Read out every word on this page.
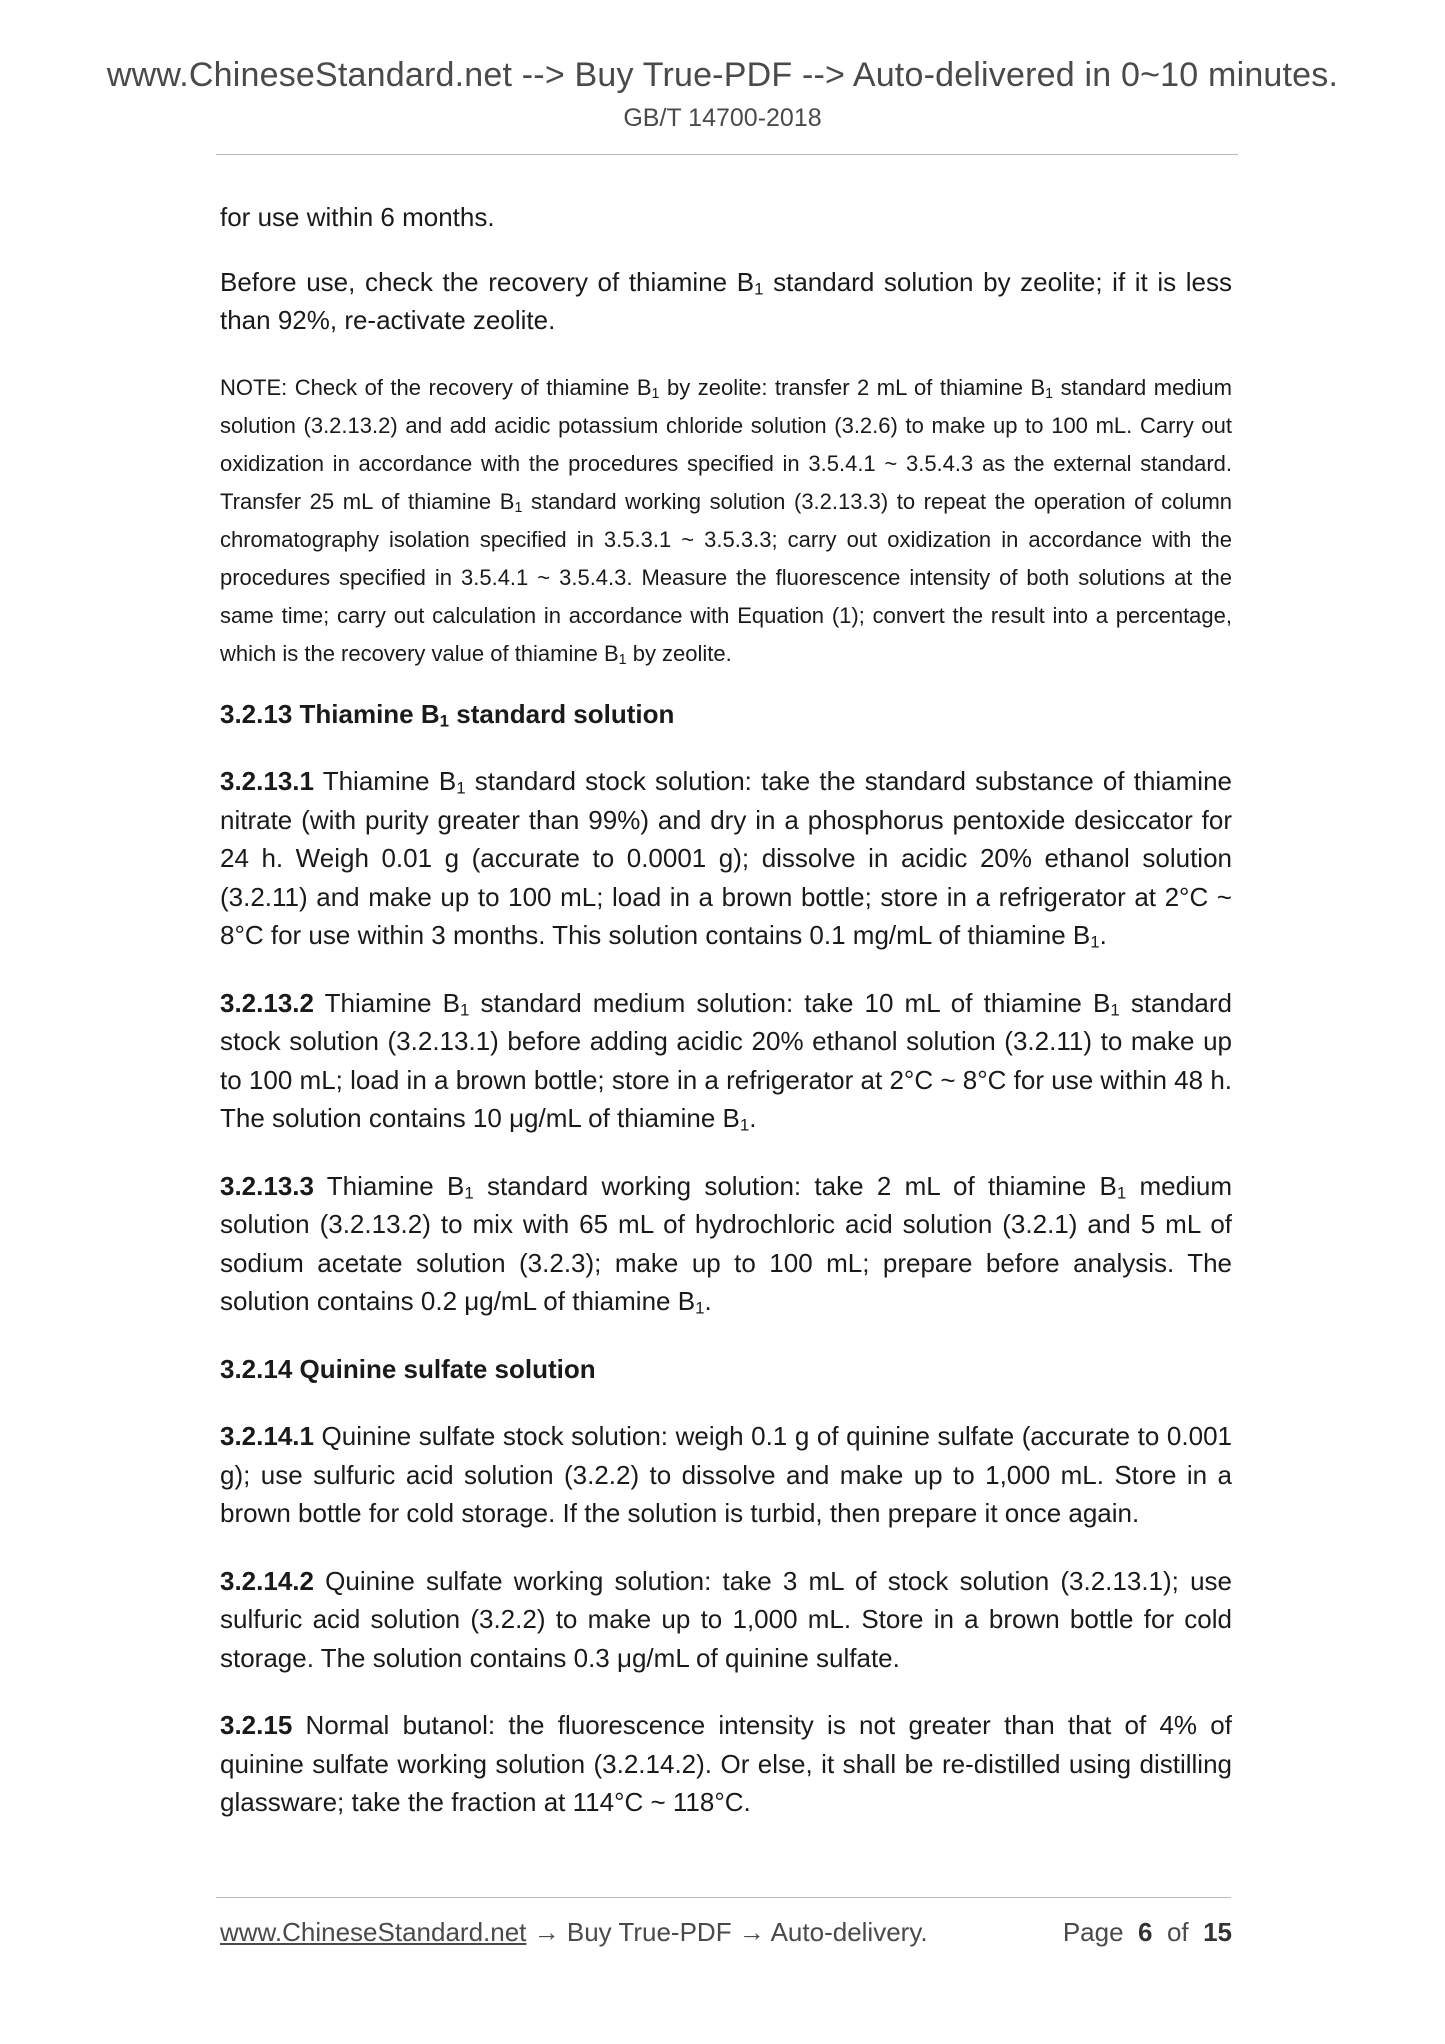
www.ChineseStandard.net --> Buy True-PDF --> Auto-delivered in 0~10 minutes.
GB/T 14700-2018

for use within 6 months.

Before use, check the recovery of thiamine $B_1$ standard solution by zeolite; if it is less than 92%, re-activate zeolite.

NOTE: Check of the recovery of thiamine $B_1$ by zeolite: transfer 2 mL of thiamine $B_1$ standard medium solution (3.2.13.2) and add acidic potassium chloride solution (3.2.6) to make up to 100 mL. Carry out oxidization in accordance with the procedures specified in 3.5.4.1 ~ 3.5.4.3 as the external standard. Transfer 25 mL of thiamine $B_1$ standard working solution (3.2.13.3) to repeat the operation of column chromatography isolation specified in 3.5.3.1 ~ 3.5.3.3; carry out oxidization in accordance with the procedures specified in 3.5.4.1 ~ 3.5.4.3. Measure the fluorescence intensity of both solutions at the same time; carry out calculation in accordance with Equation (1); convert the result into a percentage, which is the recovery value of thiamine $B_1$ by zeolite.

3.2.13 Thiamine $B_1$ standard solution

3.2.13.1 Thiamine $B_1$ standard stock solution: take the standard substance of thiamine nitrate (with purity greater than 99%) and dry in a phosphorus pentoxide desiccator for 24 h. Weigh 0.01 g (accurate to 0.0001 g); dissolve in acidic 20% ethanol solution (3.2.11) and make up to 100 mL; load in a brown bottle; store in a refrigerator at 2°C ~ 8°C for use within 3 months. This solution contains 0.1 mg/mL of thiamine $B_1$.

3.2.13.2 Thiamine $B_1$ standard medium solution: take 10 mL of thiamine $B_1$ standard stock solution (3.2.13.1) before adding acidic 20% ethanol solution (3.2.11) to make up to 100 mL; load in a brown bottle; store in a refrigerator at 2°C ~ 8°C for use within 48 h. The solution contains 10 μg/mL of thiamine $B_1$.

3.2.13.3 Thiamine $B_1$ standard working solution: take 2 mL of thiamine $B_1$ medium solution (3.2.13.2) to mix with 65 mL of hydrochloric acid solution (3.2.1) and 5 mL of sodium acetate solution (3.2.3); make up to 100 mL; prepare before analysis. The solution contains 0.2 μg/mL of thiamine $B_1$.

3.2.14 Quinine sulfate solution

3.2.14.1 Quinine sulfate stock solution: weigh 0.1 g of quinine sulfate (accurate to 0.001 g); use sulfuric acid solution (3.2.2) to dissolve and make up to 1,000 mL. Store in a brown bottle for cold storage. If the solution is turbid, then prepare it once again.

3.2.14.2 Quinine sulfate working solution: take 3 mL of stock solution (3.2.13.1); use sulfuric acid solution (3.2.2) to make up to 1,000 mL. Store in a brown bottle for cold storage. The solution contains 0.3 μg/mL of quinine sulfate.

3.2.15 Normal butanol: the fluorescence intensity is not greater than that of 4% of quinine sulfate working solution (3.2.14.2). Or else, it shall be re-distilled using distilling glassware; take the fraction at 114°C ~ 118°C.

www.ChineseStandard.net → Buy True-PDF → Auto-delivery.	Page 6 of 15
